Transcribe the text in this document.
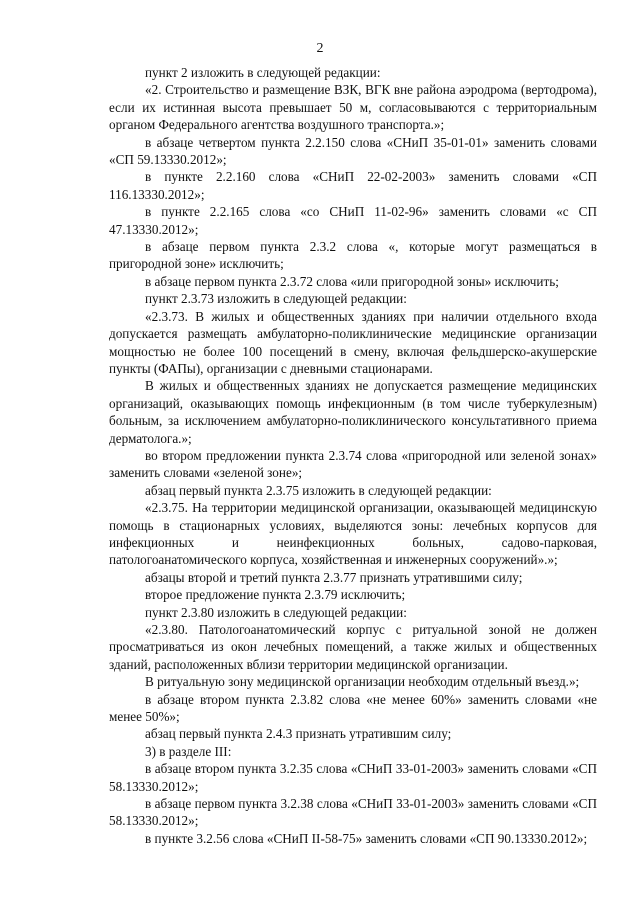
2

пункт 2 изложить в следующей редакции:

«2. Строительство и размещение ВЗК, ВГК вне района аэродрома (вертодрома), если их истинная высота превышает 50 м, согласовываются с территориальным органом Федерального агентства воздушного транспорта.»;

в абзаце четвертом пункта 2.2.150 слова «СНиП 35-01-01» заменить словами «СП 59.13330.2012»;

в пункте 2.2.160 слова «СНиП 22-02-2003» заменить словами «СП 116.13330.2012»;

в пункте 2.2.165 слова «со СНиП 11-02-96» заменить словами «с СП 47.13330.2012»;

в абзаце первом пункта 2.3.2 слова «, которые могут размещаться в пригородной зоне» исключить;

в абзаце первом пункта 2.3.72 слова «или пригородной зоны» исключить;

пункт 2.3.73 изложить в следующей редакции:

«2.3.73. В жилых и общественных зданиях при наличии отдельного входа допускается размещать амбулаторно-поликлинические медицинские организации мощностью не более 100 посещений в смену, включая фельдшерско-акушерские пункты (ФАПы), организации с дневными стационарами.

В жилых и общественных зданиях не допускается размещение медицинских организаций, оказывающих помощь инфекционным (в том числе туберкулезным) больным, за исключением амбулаторно-поликлинического консультативного приема дерматолога.»;

во втором предложении пункта 2.3.74 слова «пригородной или зеленой зонах» заменить словами «зеленой зоне»;

абзац первый пункта 2.3.75 изложить в следующей редакции:

«2.3.75. На территории медицинской организации, оказывающей медицинскую помощь в стационарных условиях, выделяются зоны: лечебных корпусов для инфекционных и неинфекционных больных, садово-парковая, патологоанатомического корпуса, хозяйственная и инженерных сооружений».»;

абзацы второй и третий пункта 2.3.77 признать утратившими силу;

второе предложение пункта 2.3.79 исключить;

пункт 2.3.80 изложить в следующей редакции:

«2.3.80. Патологоанатомический корпус с ритуальной зоной не должен просматриваться из окон лечебных помещений, а также жилых и общественных зданий, расположенных вблизи территории медицинской организации.

В ритуальную зону медицинской организации необходим отдельный въезд.»;

в абзаце втором пункта 2.3.82 слова «не менее 60%» заменить словами «не менее 50%»;

абзац первый пункта 2.4.3 признать утратившим силу;

3) в разделе III:

в абзаце втором пункта 3.2.35 слова «СНиП 33-01-2003» заменить словами «СП 58.13330.2012»;

в абзаце первом пункта 3.2.38 слова «СНиП 33-01-2003» заменить словами «СП 58.13330.2012»;

в пункте 3.2.56 слова «СНиП II-58-75» заменить словами «СП 90.13330.2012»;
